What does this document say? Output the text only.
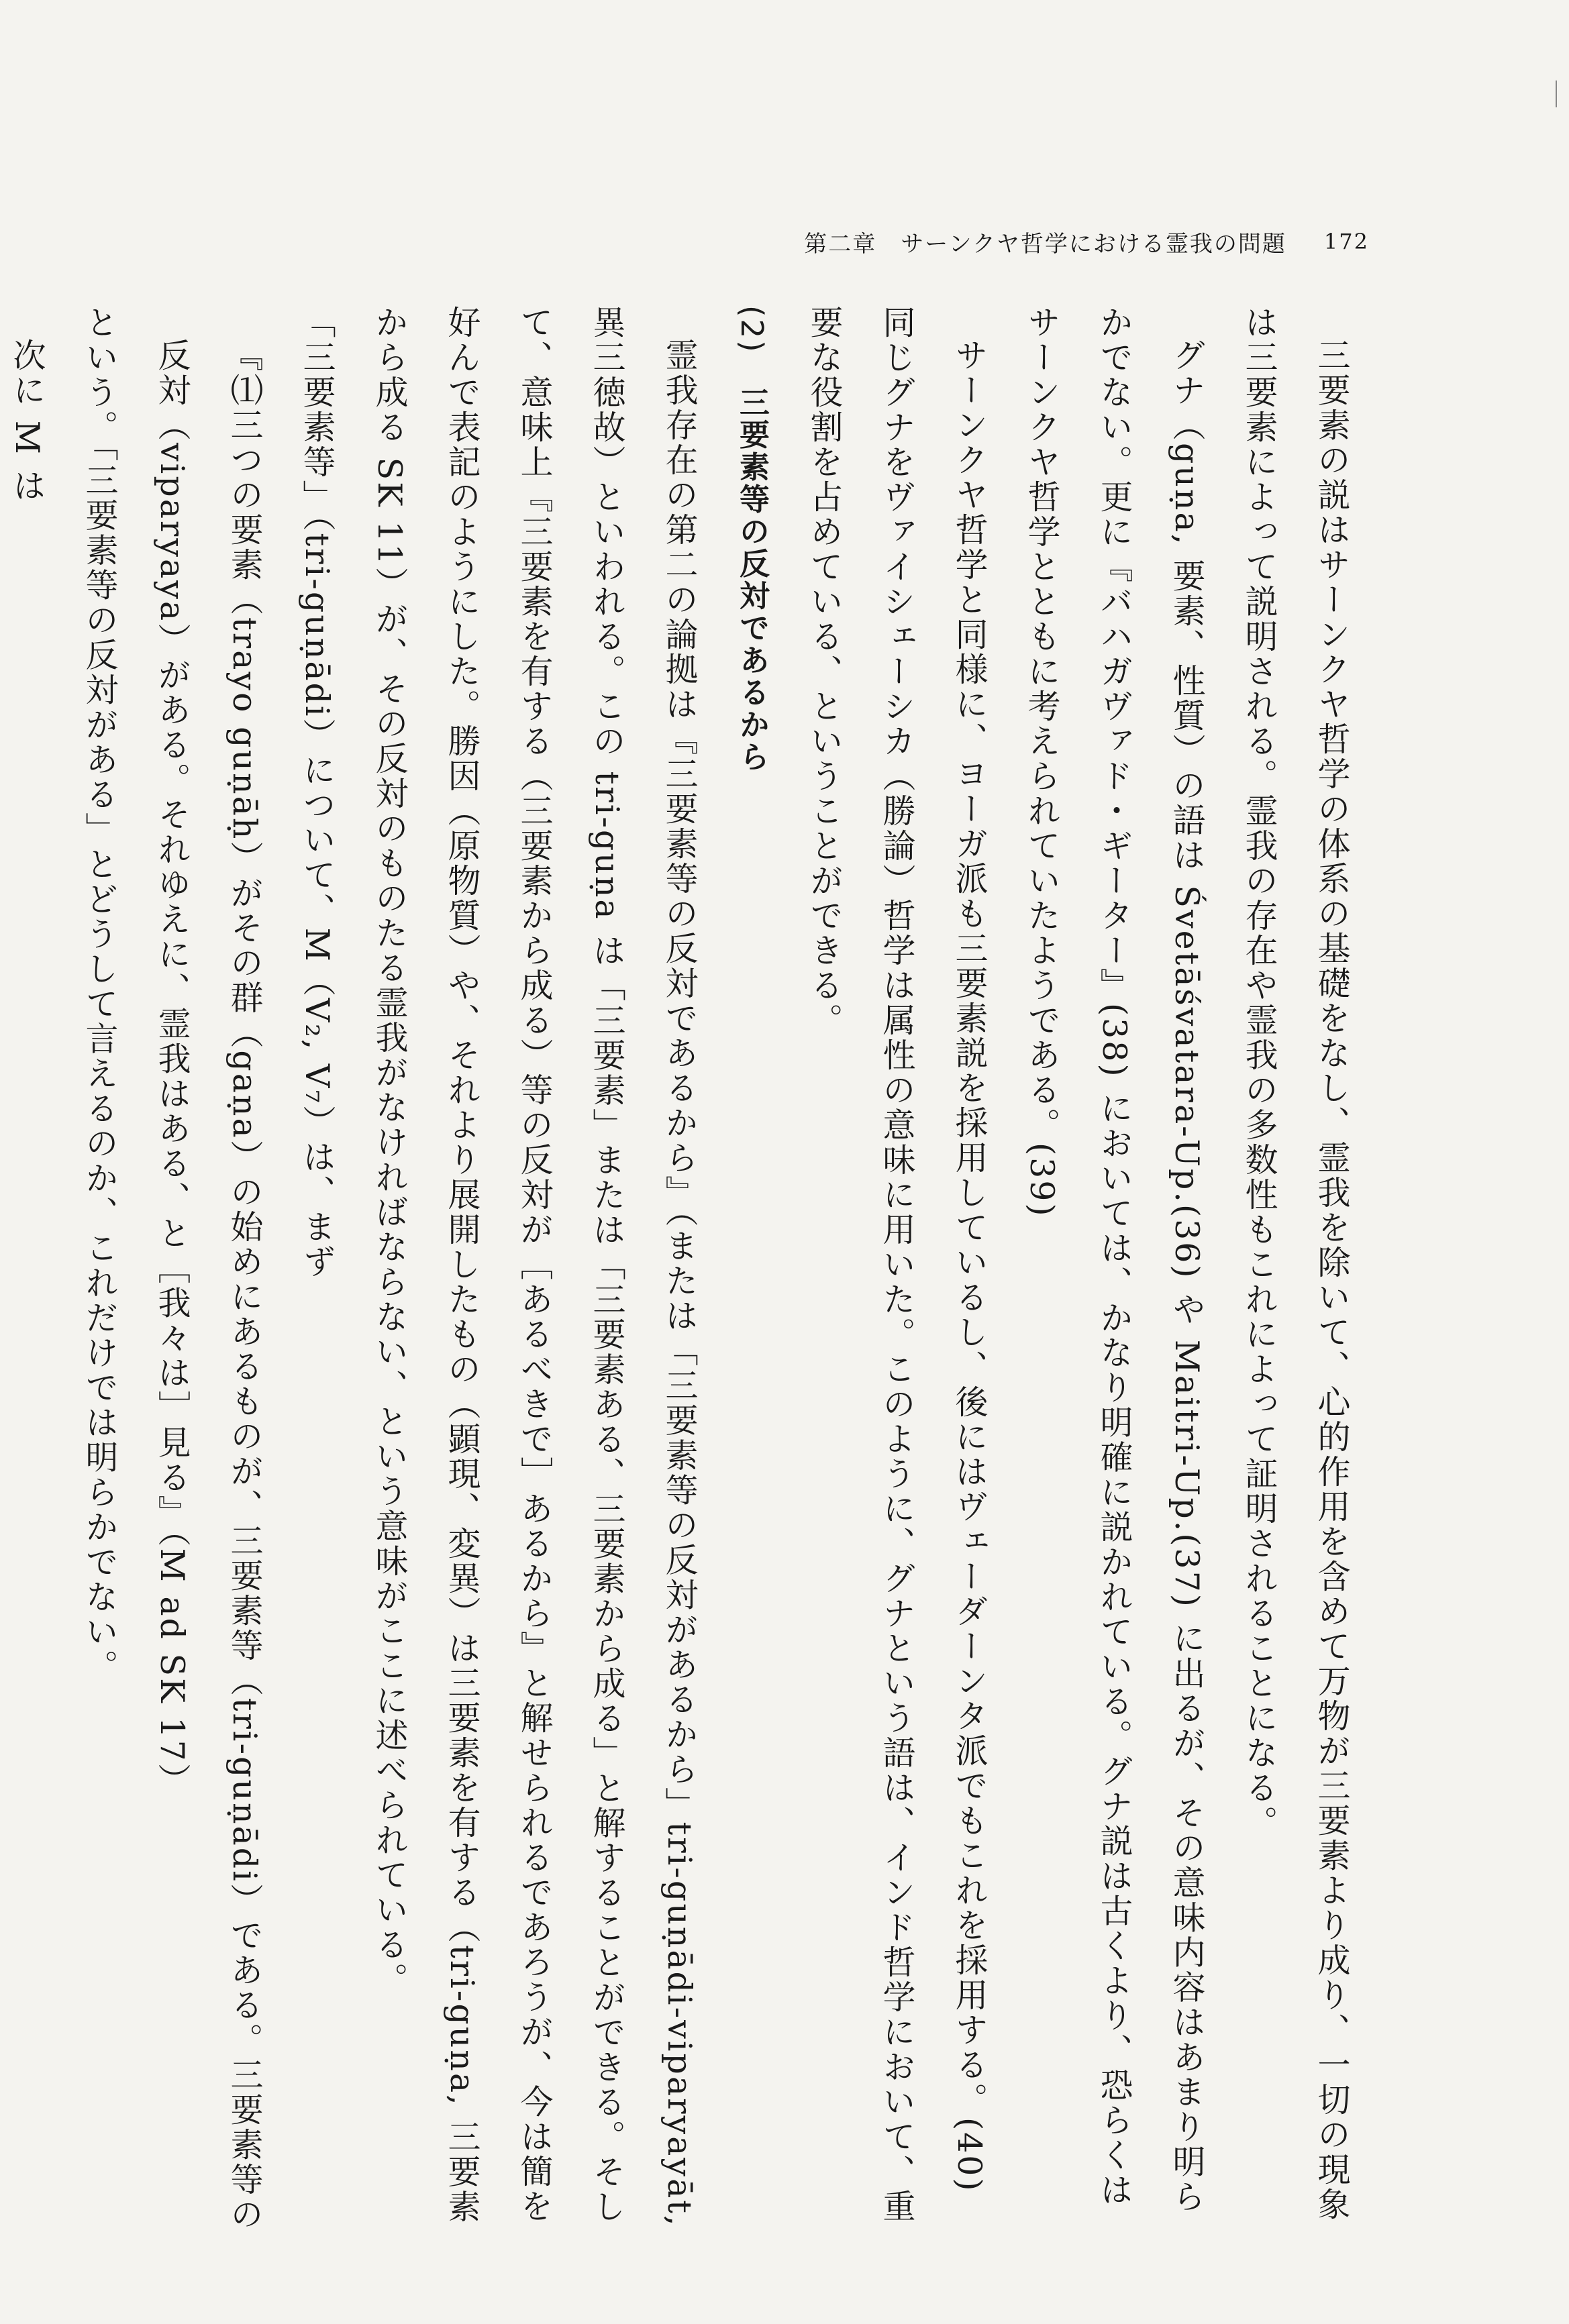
第二章　サーンクヤ哲学における霊我の問題 172

三要素の説はサーンクヤ哲学の体系の基礎をなし、霊我を除いて、心的作用を含めて万物が三要素より成り、一切の現象は三要素によって説明される。霊我の存在や霊我の多数性もこれによって証明されることになる。

グナ（guṇa, 要素、性質）の語は Śvetāśvatara-Up.(36) や Maitri-Up.(37) に出るが、その意味内容はあまり明らかでない。更に『バハガヴァド・ギーター』(38) においては、かなり明確に説かれている。グナ説は古くより、恐らくはサーンクヤ哲学とともに考えられていたようである。(39)

サーンクヤ哲学と同様に、ヨーガ派も三要素説を採用しているし、後にはヴェーダーンタ派でもこれを採用する。(40) 同じグナをヴァイシェーシカ（勝論）哲学は属性の意味に用いた。このように、グナという語は、インド哲学において、重要な役割を占めている、ということができる。

(2) 三要素等の反対であるから

霊我存在の第二の論拠は『三要素等の反対であるから』（または「三要素等の反対があるから」tri-guṇādi-viparyayāt, 異三徳故）といわれる。この tri-guṇa は「三要素」または「三要素ある、三要素から成る」と解することができる。そして、意味上『三要素を有する（三要素から成る）等の反対が［あるべきで］あるから』と解せられるであろうが、今は簡を好んで表記のようにした。勝因（原物質）や、それより展開したもの（顕現、変異）は三要素を有する（tri-guṇa, 三要素から成る SK 11）が、その反対のものたる霊我がなければならない、という意味がここに述べられている。

「三要素等」（tri-guṇādi）について、M（V₂, V₇）は、まず

『⑴三つの要素（trayo guṇāḥ）がその群（gaṇa）の始めにあるものが、三要素等（tri-guṇādi）である。三要素等の反対（viparyaya）がある。それゆえに、霊我はある、と［我々は］見る』（M ad SK 17）

という。「三要素等の反対がある」とどうして言えるのか、これだけでは明らかでない。

次に M は
